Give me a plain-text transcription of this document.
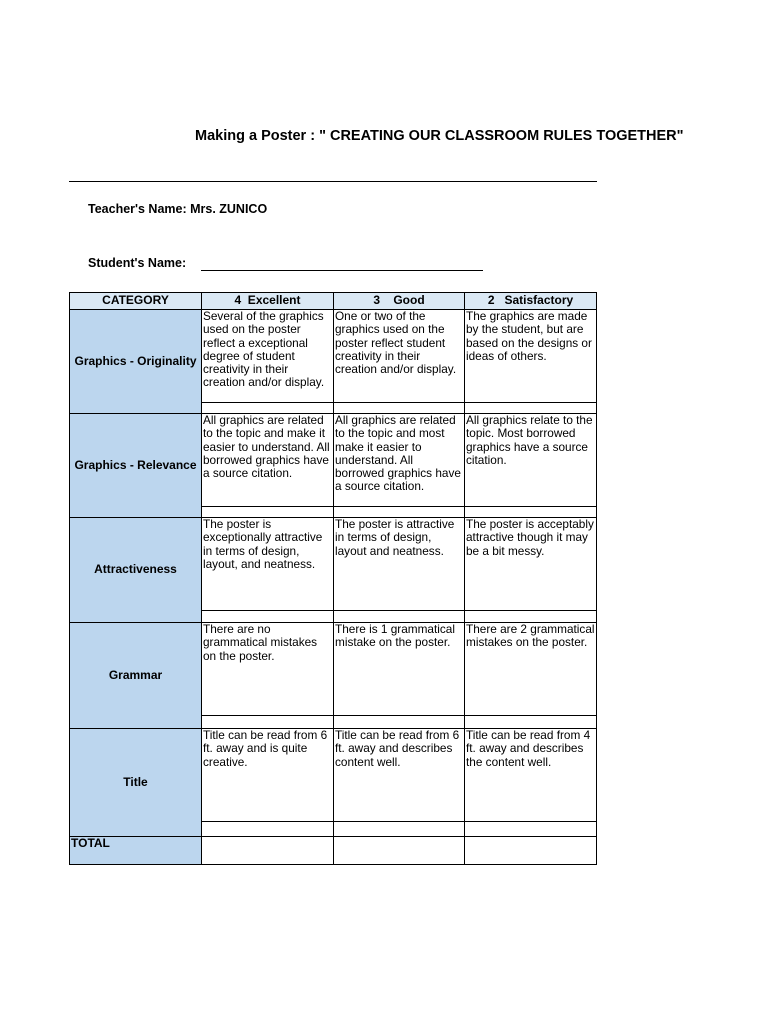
Making a Poster : " CREATING OUR CLASSROOM RULES TOGETHER"
Teacher's Name: Mrs. ZUNICO
Student's Name:
CATEGORY	4  Excellent	3    Good	2   Satisfactory
Graphics - Originality	Several of the graphics used on the poster reflect a exceptional degree of student creativity in their creation and/or display.	One or two of the graphics used on the poster reflect student creativity in their creation and/or display.	The graphics are made by the student, but are based on the designs or ideas of others.

Graphics - Relevance	All graphics are related to the topic and make it easier to understand. All borrowed graphics have a source citation.	All graphics are related to the topic and most make it easier to understand. All borrowed graphics have a source citation.	All graphics relate to the topic. Most borrowed graphics have a source citation.

Attractiveness	The poster is exceptionally attractive in terms of design, layout, and neatness.	The poster is attractive in terms of design, layout and neatness.	The poster is acceptably attractive though it may be a bit messy.

Grammar	There are no grammatical mistakes on the poster.	There is 1 grammatical mistake on the poster.	There are 2 grammatical mistakes on the poster.

Title	Title can be read from 6 ft. away and is quite creative.	Title can be read from 6 ft. away and describes content well.	Title can be read from 4 ft. away and describes the content well.

TOTAL			
